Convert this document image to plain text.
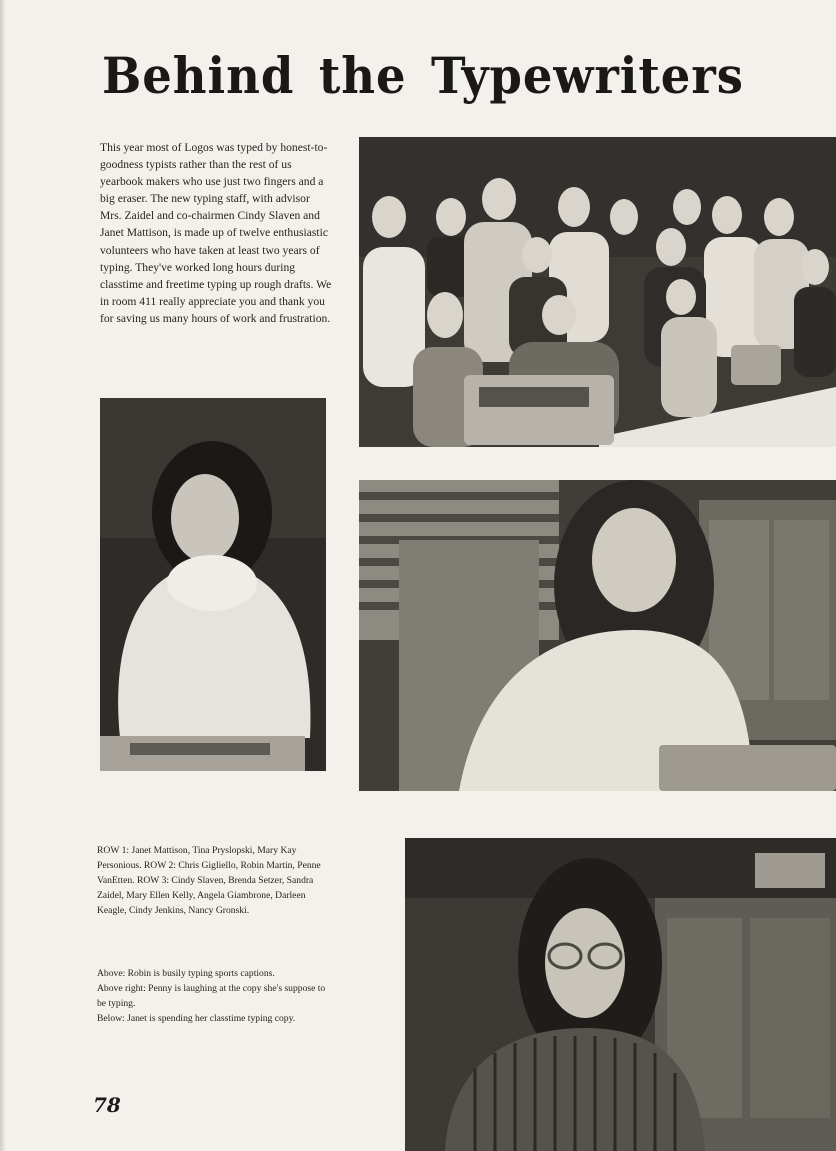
Behind the Typewriters

This year most of Logos was typed by honest-to-goodness typists rather than the rest of us yearbook makers who use just two fingers and a big eraser. The new typing staff, with advisor Mrs. Zaidel and co-chairmen Cindy Slaven and Janet Mattison, is made up of twelve enthusiastic volunteers who have taken at least two years of typing. They've worked long hours during classtime and freetime typing up rough drafts. We in room 411 really appreciate you and thank you for saving us many hours of work and frustration.

ROW 1: Janet Mattison, Tina Pryslopski, Mary Kay Personious. ROW 2: Chris Gigliello, Robin Martin, Penne VanEtten. ROW 3: Cindy Slaven, Brenda Setzer, Sandra Zaidel, Mary Ellen Kelly, Angela Giambrone, Darleen Keagle, Cindy Jenkins, Nancy Gronski.

Above: Robin is busily typing sports captions.

Above right: Penny is laughing at the copy she's suppose to be typing.

Below: Janet is spending her classtime typing copy.

78
